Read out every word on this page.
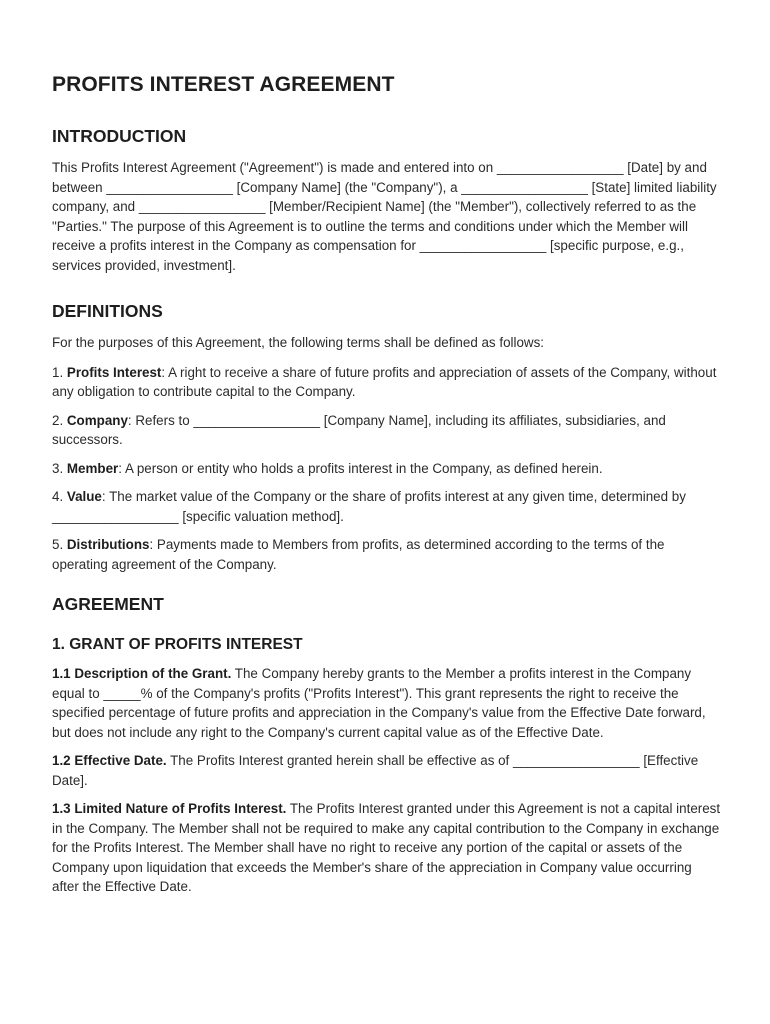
PROFITS INTEREST AGREEMENT
INTRODUCTION

This Profits Interest Agreement ("Agreement") is made and entered into on _________________ [Date] by and between _________________ [Company Name] (the "Company"), a _________________ [State] limited liability company, and _________________ [Member/Recipient Name] (the "Member"), collectively referred to as the "Parties." The purpose of this Agreement is to outline the terms and conditions under which the Member will receive a profits interest in the Company as compensation for _________________ [specific purpose, e.g., services provided, investment].

DEFINITIONS

For the purposes of this Agreement, the following terms shall be defined as follows:

1. Profits Interest: A right to receive a share of future profits and appreciation of assets of the Company, without any obligation to contribute capital to the Company.

2. Company: Refers to _________________ [Company Name], including its affiliates, subsidiaries, and successors.

3. Member: A person or entity who holds a profits interest in the Company, as defined herein.

4. Value: The market value of the Company or the share of profits interest at any given time, determined by _________________ [specific valuation method].

5. Distributions: Payments made to Members from profits, as determined according to the terms of the operating agreement of the Company.

AGREEMENT
1. GRANT OF PROFITS INTEREST

1.1 Description of the Grant. The Company hereby grants to the Member a profits interest in the Company equal to _____% of the Company's profits ("Profits Interest"). This grant represents the right to receive the specified percentage of future profits and appreciation in the Company's value from the Effective Date forward, but does not include any right to the Company's current capital value as of the Effective Date.

1.2 Effective Date. The Profits Interest granted herein shall be effective as of _________________ [Effective Date].

1.3 Limited Nature of Profits Interest. The Profits Interest granted under this Agreement is not a capital interest in the Company. The Member shall not be required to make any capital contribution to the Company in exchange for the Profits Interest. The Member shall have no right to receive any portion of the capital or assets of the Company upon liquidation that exceeds the Member's share of the appreciation in Company value occurring after the Effective Date.
